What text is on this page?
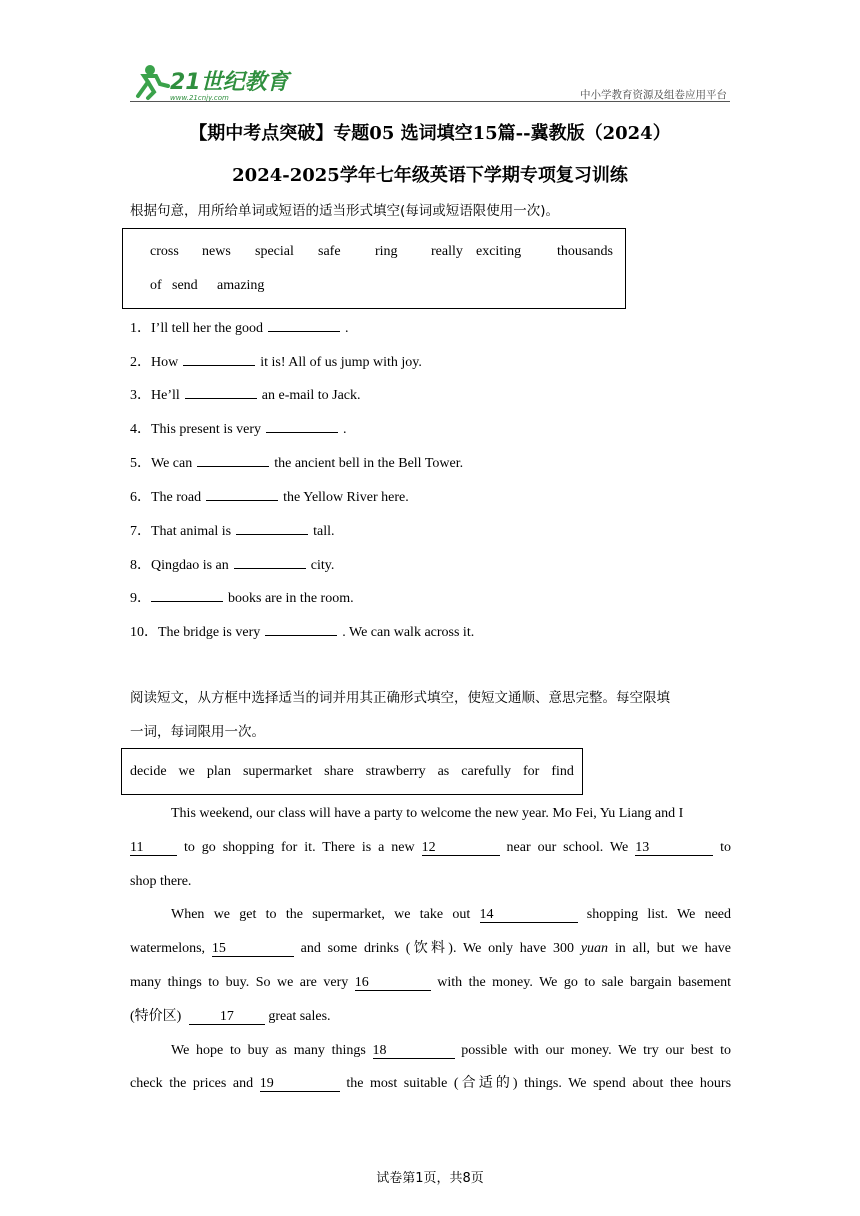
21世纪教育
www.21cnjy.com	中小学教育资源及组卷应用平台
【期中考点突破】专题05 选词填空15篇--冀教版（2024）
2024-2025学年七年级英语下学期专项复习训练
根据句意，用所给单词或短语的适当形式填空(每词或短语限使用一次)。
cross news special safe ring really exciting	thousands
of send amazing
1．I’ll tell her the good	.
2．How	it is! All of us jump with joy.
3．He’ll	an e-mail to Jack.
4．This present is very	.
5．We can	the ancient bell in the Bell Tower.
6．The road	the Yellow River here.
7．That animal is	tall.
8．Qingdao is an	city.
9．	books are in the room.
10．The bridge is very	. We can walk across it.
阅读短文，从方框中选择适当的词并用其正确形式填空，使短文通顺、意思完整。每空限填
一词，每词限用一次。
decide we plan supermarket share strawberry as carefully for find
This weekend, our class will have a party to welcome the new year. Mo Fei, Yu Liang and I
11	to go shopping for it. There is a new 12	near our school. We 13	to
shop there.
When we get to the supermarket, we take out 14	shopping list. We need
watermelons, 15	and some drinks (饮料). We only have 300 yuan in all, but we have
many things to buy. So we are very 16	with the money. We go to sale bargain basement
(特价区)	17 great sales.
We hope to buy as many things 18	possible with our money. We try our best to
check the prices and 19	the most suitable (合适的) things. We spend about thee hours
试卷第1页，共8页
